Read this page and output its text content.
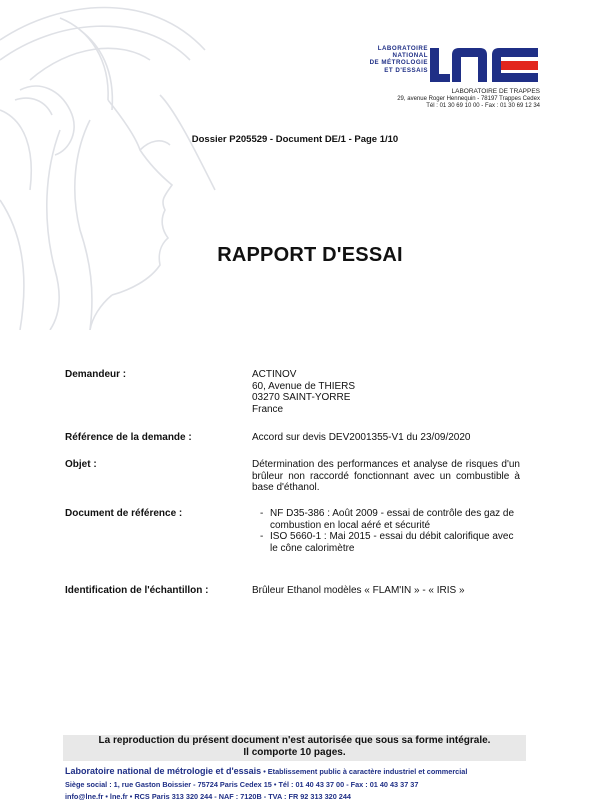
LABORATOIRE
NATIONAL
DE MÉTROLOGIE
ET D'ESSAIS
LABORATOIRE DE TRAPPES
29, avenue Roger Hennequin - 78197 Trappes Cedex
Tél : 01 30 69 10 00 - Fax : 01 30 69 12 34
Dossier P205529 - Document DE/1 - Page 1/10
RAPPORT D'ESSAI
Demandeur :	ACTINOV
60, Avenue de THIERS
03270 SAINT-YORRE
France
Référence de la demande :	Accord sur devis DEV2001355-V1 du 23/09/2020
Objet :	Détermination des performances et analyse de risques d'un brûleur non raccordé fonctionnant avec un combustible à base d'éthanol.
Document de référence :	- NF D35-386 : Août 2009 - essai de contrôle des gaz de combustion en local aéré et sécurité
- ISO 5660-1 : Mai 2015 - essai du débit calorifique avec le cône calorimètre
Identification de l'échantillon :	Brûleur Ethanol modèles « FLAM'IN » - « IRIS »
La reproduction du présent document n'est autorisée que sous sa forme intégrale.
Il comporte 10 pages.
Laboratoire national de métrologie et d'essais • Etablissement public à caractère industriel et commercial
Siège social : 1, rue Gaston Boissier - 75724 Paris Cedex 15 • Tél : 01 40 43 37 00 - Fax : 01 40 43 37 37
info@lne.fr • lne.fr • RCS Paris 313 320 244 - NAF : 7120B - TVA : FR 92 313 320 244
